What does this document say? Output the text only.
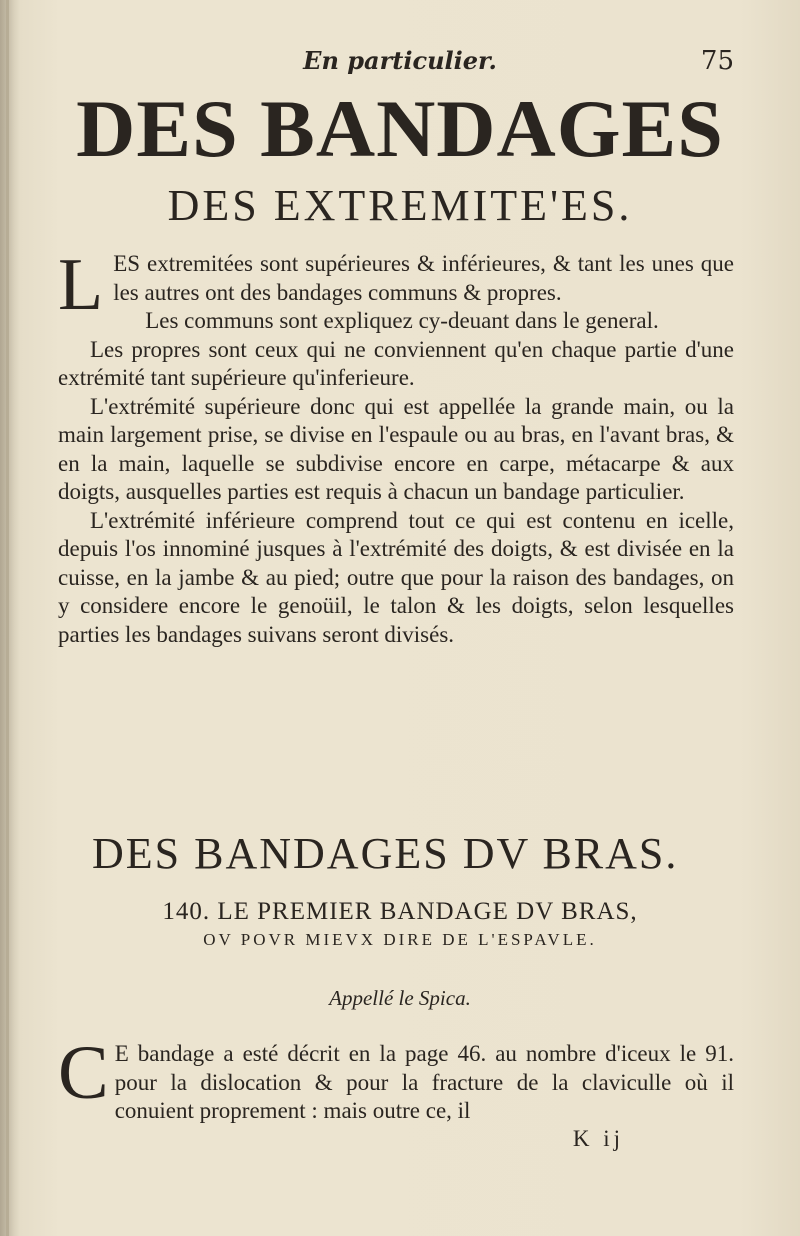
En particulier.	75
DES BANDAGES
DES EXTREMITE'ES.

LES extremitées sont supérieures & inférieures, & tant les unes que les autres ont des bandages communs & propres.

Les communs sont expliquez cy-deuant dans le general.

Les propres sont ceux qui ne conviennent qu'en chaque partie d'une extrémité tant supérieure qu'inferieure.

L'extrémité supérieure donc qui est appellée la grande main, ou la main largement prise, se divise en l'espaule ou au bras, en l'avant bras, & en la main, laquelle se subdivise encore en carpe, métacarpe & aux doigts, ausquelles parties est requis à chacun un bandage particulier.

L'extrémité inférieure comprend tout ce qui est contenu en icelle, depuis l'os innominé jusques à l'extrémité des doigts, & est divisée en la cuisse, en la jambe & au pied; outre que pour la raison des bandages, on y considere encore le genoüil, le talon & les doigts, selon lesquelles parties les bandages suivans seront divisés.

DES BANDAGES DV BRAS.
140. LE PREMIER BANDAGE DV BRAS,
OV POVR MIEVX DIRE DE L'ESPAVLE.
Appellé le Spica.

C E bandage a esté décrit en la page 46. au nombre d'iceux le 91. pour la dislocation & pour la fracture de la claviculle où il conuient proprement : mais outre ce, il

K ij
